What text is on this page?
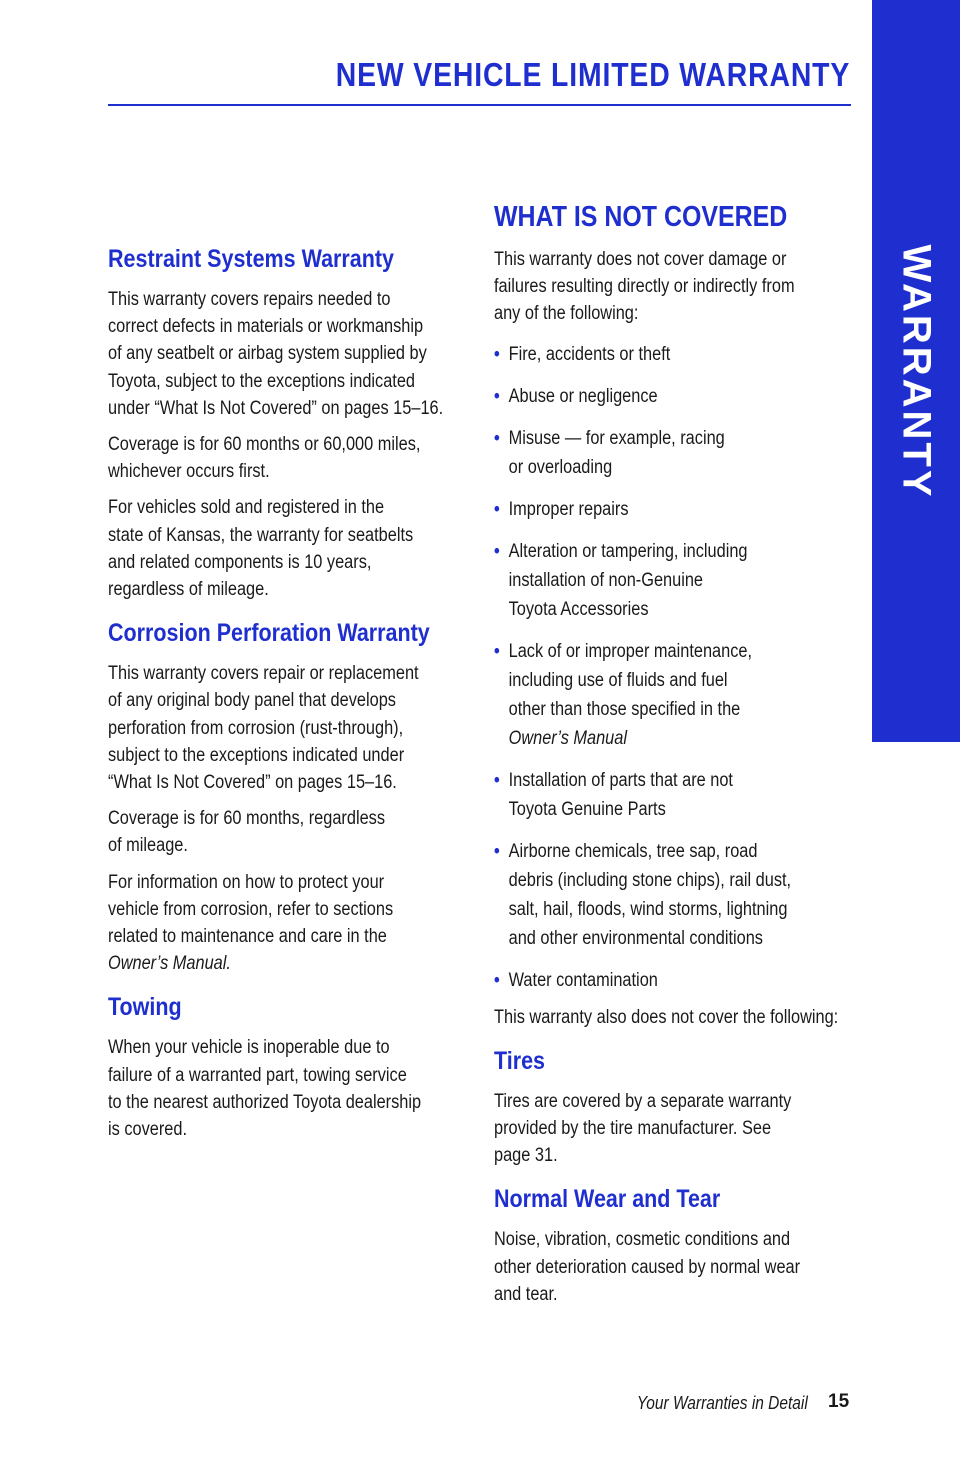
NEW VEHICLE LIMITED WARRANTY
WARRANTY
Restraint Systems Warranty

This warranty covers repairs needed to
correct defects in materials or workmanship
of any seatbelt or airbag system supplied by
Toyota, subject to the exceptions indicated
under “What Is Not Covered” on pages 15–16.

Coverage is for 60 months or 60,000 miles,
whichever occurs first.

For vehicles sold and registered in the
state of Kansas, the warranty for seatbelts
and related components is 10 years,
regardless of mileage.

Corrosion Perforation Warranty

This warranty covers repair or replacement
of any original body panel that develops
perforation from corrosion (rust-through),
subject to the exceptions indicated under
“What Is Not Covered” on pages 15–16.

Coverage is for 60 months, regardless
of mileage.

For information on how to protect your
vehicle from corrosion, refer to sections
related to maintenance and care in the
Owner’s Manual.

Towing

When your vehicle is inoperable due to
failure of a warranted part, towing service
to the nearest authorized Toyota dealership
is covered.

WHAT IS NOT COVERED

This warranty does not cover damage or
failures resulting directly or indirectly from
any of the following:

• Fire, accidents or theft
• Abuse or negligence
• Misuse — for example, racing
or overloading
• Improper repairs
• Alteration or tampering, including
installation of non-Genuine
Toyota Accessories
• Lack of or improper maintenance,
including use of fluids and fuel
other than those specified in the
Owner’s Manual
• Installation of parts that are not
Toyota Genuine Parts
• Airborne chemicals, tree sap, road
debris (including stone chips), rail dust,
salt, hail, floods, wind storms, lightning
and other environmental conditions
• Water contamination

This warranty also does not cover the following:

Tires

Tires are covered by a separate warranty
provided by the tire manufacturer. See
page 31.

Normal Wear and Tear

Noise, vibration, cosmetic conditions and
other deterioration caused by normal wear
and tear.

Your Warranties in Detail 15
